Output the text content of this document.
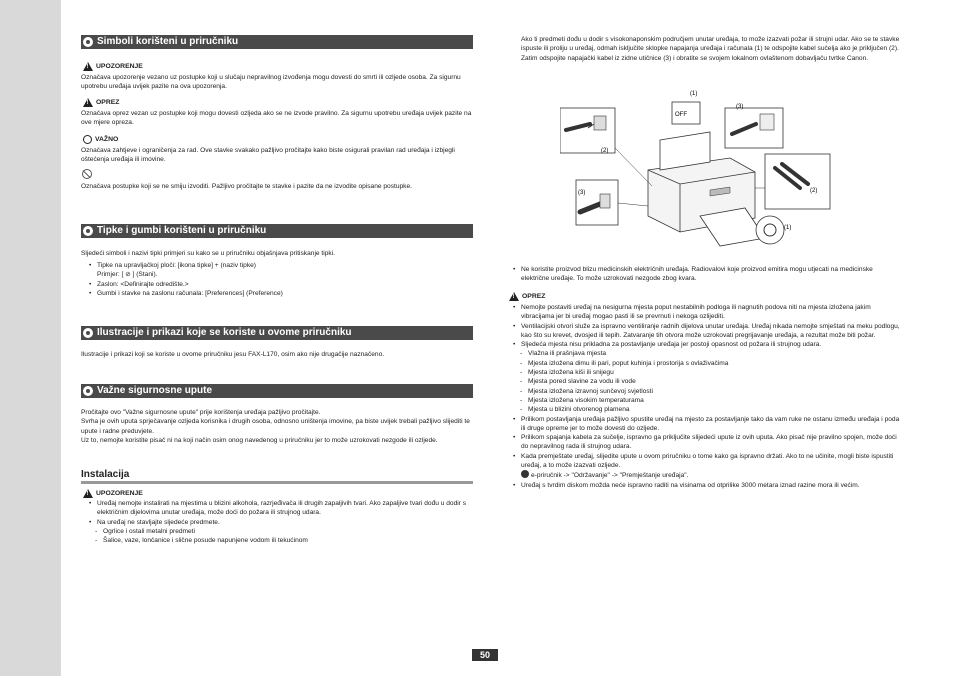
Simboli korišteni u priručniku
!
UPOZORENJE
Označava upozorenje vezano uz postupke koji u slučaju nepravilnog izvođenja mogu dovesti do smrti ili ozljede osoba. Za sigurnu upotrebu uređaja uvijek pazite na ova upozorenja.
!
OPREZ
Označava oprez vezan uz postupke koji mogu dovesti ozljeda ako se ne izvode pravilno. Za sigurnu upotrebu uređaja uvijek pazite na ove mjere opreza.
VAŽNO
Označava zahtjeve i ograničenja za rad. Ove stavke svakako pažljivo pročitajte kako biste osigurali pravilan rad uređaja i izbjegli oštećenja uređaja ili imovine.
Označava postupke koji se ne smiju izvoditi. Pažljivo pročitajte te stavke i pazite da ne izvodite opisane postupke.
Tipke i gumbi korišteni u priručniku
Sljedeći simboli i nazivi tipki primjeri su kako se u priručniku objašnjava pritiskanje tipki.
• Tipke na upravljačkoj ploči: [ikona tipke] + (naziv tipke)
Primjer: [ ⊘ ] (Stani).
• Zaslon: <Definirajte odredište.>
• Gumbi i stavke na zaslonu računala: [Preferences] (Preference)
Ilustracije i prikazi koje se koriste u ovome priručniku
Ilustracije i prikazi koji se koriste u ovome priručniku jesu FAX-L170, osim ako nije drugačije naznačeno.
Važne sigurnosne upute
Pročitajte ovo "Važne sigurnosne upute" prije korištenja uređaja pažljivo pročitajte.
Svrha je ovih uputa sprječavanje ozljeda korisnika i drugih osoba, odnosno uništenja imovine, pa biste uvijek trebali pažljivo slijediti te upute i radne preduvjete.
Uz to, nemojte koristite pisač ni na koji način osim onog navedenog u priručniku jer to može uzrokovati nezgode ili ozljede.
Instalacija
!
UPOZORENJE
• Uređaj nemojte instalirati na mjestima u blizini alkohola, razrjeđivača ili drugih zapaljivih tvari. Ako zapaljive tvari dođu u dodir s električnim dijelovima unutar uređaja, može doći do požara ili strujnog udara.
• Na uređaj ne stavljajte sljedeće predmete.
- Ogrlice i ostali metalni predmeti
- Šalice, vaze, lončanice i slične posude napunjene vodom ili tekućinom
Ako ti predmeti dođu u dodir s visokonaponskim područjem unutar uređaja, to može izazvati požar ili strujni udar. Ako se te stavke ispuste ili proliju u uređaj, odmah isključite sklopke napajanja uređaja i računala (1) te odspojite kabel sučelja ako je priključen (2). Zatim odspojite napajački kabel iz zidne utičnice (3) i obratite se svojem lokalnom ovlaštenom dobavljaču tvrtke Canon.
(2)
OFF
(1)
(3)
(3)	(2)
(1)
• Ne koristite proizvod blizu medicinskih električnih uređaja. Radiovalovi koje proizvod emitira mogu utjecati na medicinske električne uređaje. To može uzrokovati nezgode zbog kvara.
!
OPREZ
• Nemojte postaviti uređaj na nesigurna mjesta poput nestabilnih podloga ili nagnutih podova niti na mjesta izložena jakim vibracijama jer bi uređaj mogao pasti ili se prevrnuti i nekoga ozlijediti.
• Ventilacijski otvori služe za ispravno ventiliranje radnih dijelova unutar uređaja. Uređaj nikada nemojte smještati na meku podlogu, kao što su krevet, dvosjed ili tepih. Zatvaranje tih otvora može uzrokovati pregrijavanje uređaja, a rezultat može biti požar.
• Sljedeća mjesta nisu prikladna za postavljanje uređaja jer postoji opasnost od požara ili strujnog udara.
- Vlažna ili prašnjava mjesta
- Mjesta izložena dimu ili pari, poput kuhinja i prostorija s ovlaživačima
- Mjesta izložena kiši ili snijegu
- Mjesta pored slavine za vodu ili vode
- Mjesta izložena izravnoj sunčevoj svjetlosti
- Mjesta izložena visokim temperaturama
- Mjesta u blizini otvorenog plamena
• Prilikom postavljanja uređaja pažljivo spustite uređaj na mjesto za postavljanje tako da vam ruke ne ostanu između uređaja i poda ili druge opreme jer to može dovesti do ozljede.
• Prilikom spajanja kabela za sučelje, ispravno ga priključite slijedeći upute iz ovih uputa. Ako pisač nije pravilno spojen, može doći do nepravilnog rada ili strujnog udara.
• Kada premještate uređaj, slijedite upute u ovom priručniku o tome kako ga ispravno držati. Ako to ne učinite, mogli biste ispustiti uređaj, a to može izazvati ozljede.
e-priručnik -> "Održavanje" -> "Premještanje uređaja".
• Uređaj s tvrdim diskom možda neće ispravno raditi na visinama od otprilike 3000 metara iznad razine mora ili većim.
50
